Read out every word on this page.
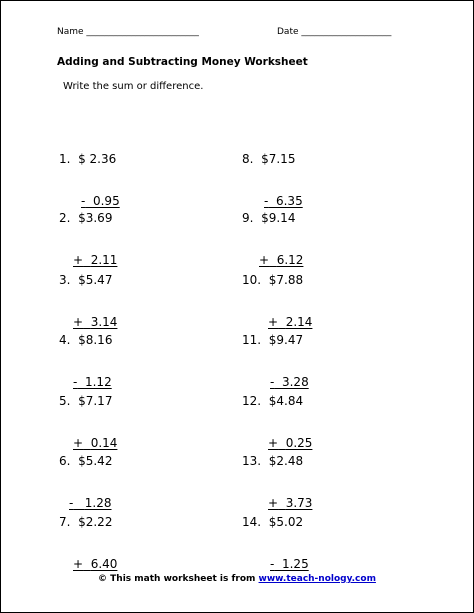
Name _________________________	Date ____________________
Adding and Subtracting Money Worksheet
Write the sum or difference.

1. $ 2.36

- 0.95

2. $3.69

+ 2.11

3. $5.47

+ 3.14

4. $8.16

- 1.12

5. $7.17

+ 0.14

6. $5.42

- 1.28

7. $2.22

+ 6.40

8. $7.15

- 6.35

9. $9.14

+ 6.12

10. $7.88

+ 2.14

11. $9.47

- 3.28

12. $4.84

+ 0.25

13. $2.48

+ 3.73

14. $5.02

- 1.25

© This math worksheet is from www.teach-nology.com
